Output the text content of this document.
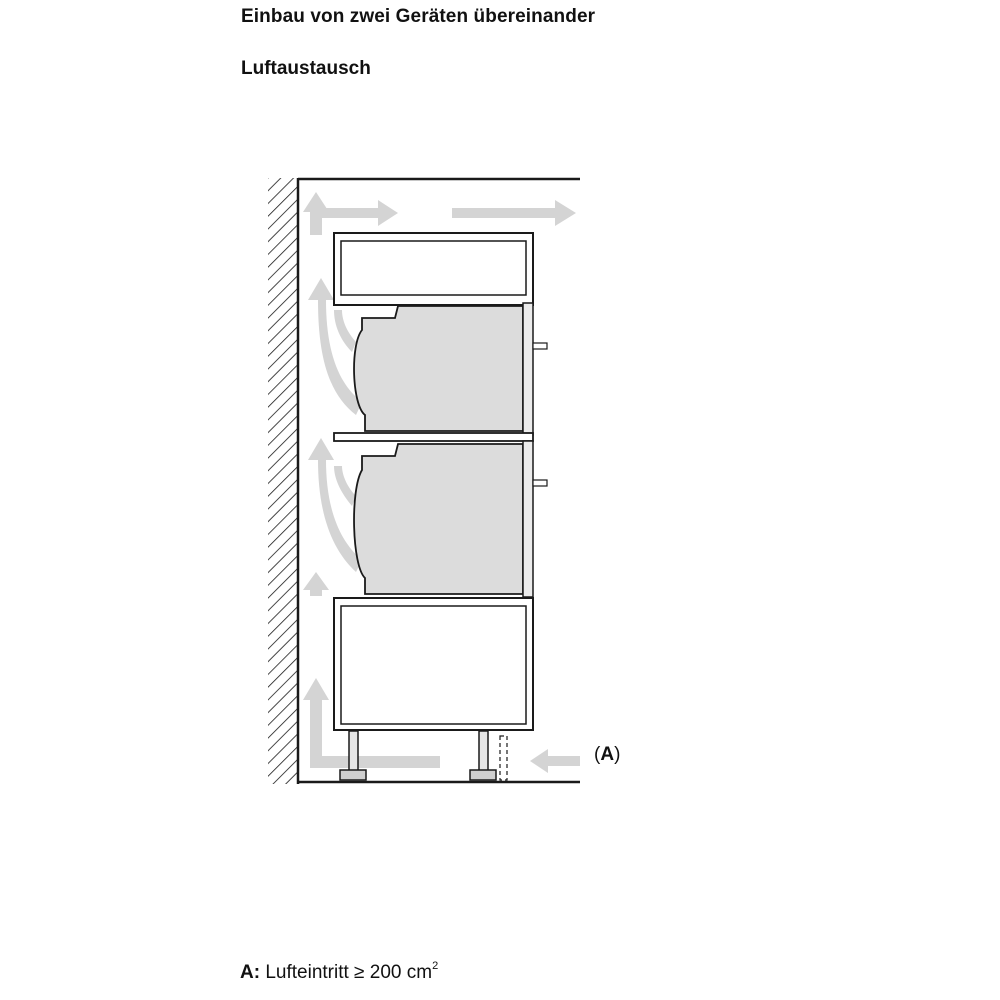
Einbau von zwei Geräten übereinander
Luftaustausch
(A)
A: Lufteintritt ≥ 200 $cm^2$
